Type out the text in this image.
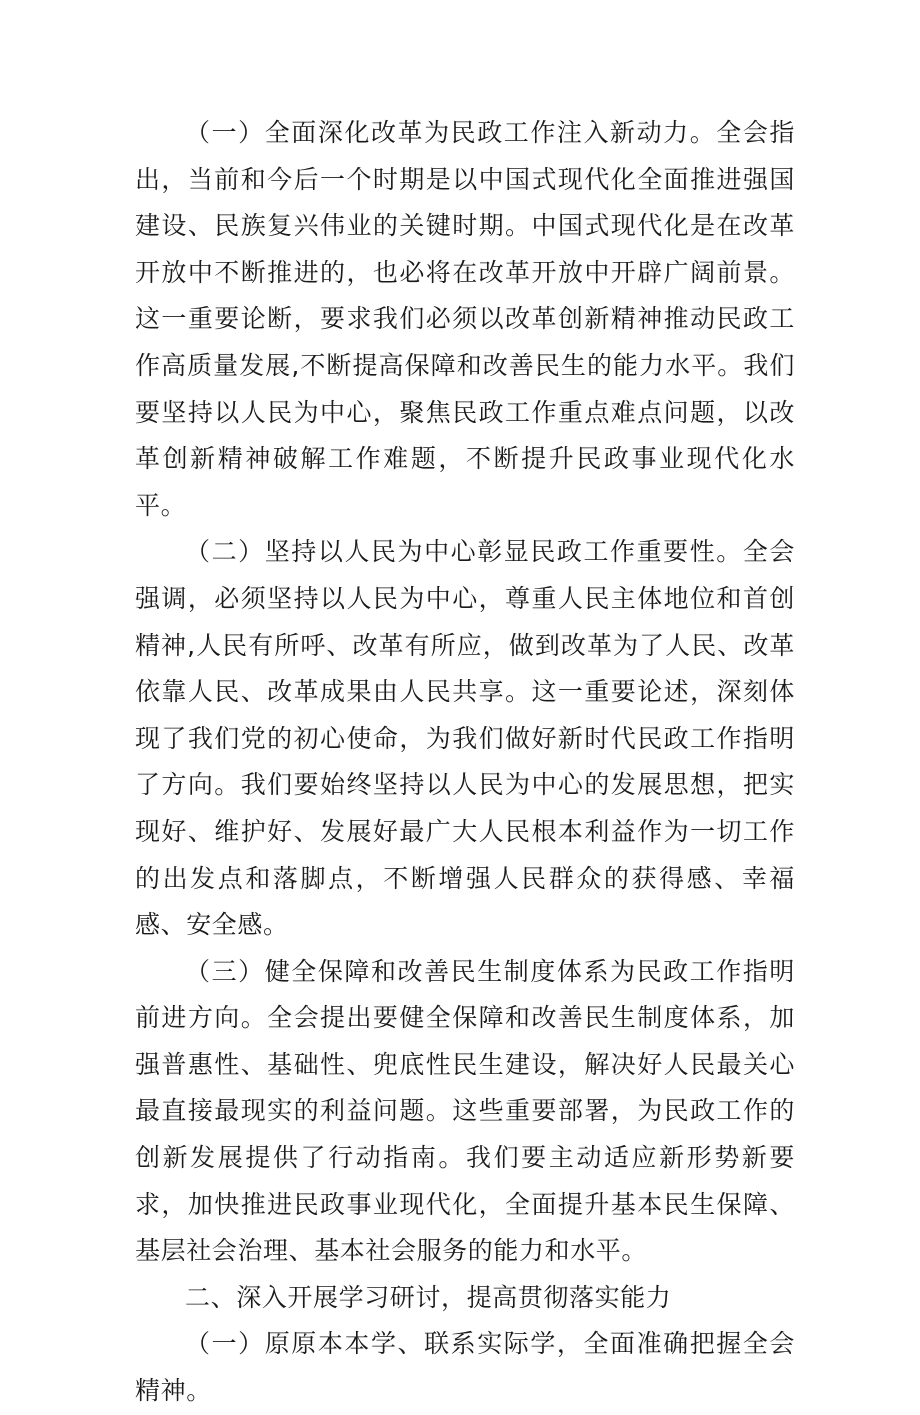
（一）全面深化改革为民政工作注入新动力。全会指出，当前和今后一个时期是以中国式现代化全面推进强国建设、民族复兴伟业的关键时期。中国式现代化是在改革开放中不断推进的，也必将在改革开放中开辟广阔前景。这一重要论断，要求我们必须以改革创新精神推动民政工作高质量发展,不断提高保障和改善民生的能力水平。我们要坚持以人民为中心，聚焦民政工作重点难点问题，以改革创新精神破解工作难题，不断提升民政事业现代化水平。

（二）坚持以人民为中心彰显民政工作重要性。全会强调，必须坚持以人民为中心，尊重人民主体地位和首创精神,人民有所呼、改革有所应，做到改革为了人民、改革依靠人民、改革成果由人民共享。这一重要论述，深刻体现了我们党的初心使命，为我们做好新时代民政工作指明了方向。我们要始终坚持以人民为中心的发展思想，把实现好、维护好、发展好最广大人民根本利益作为一切工作的出发点和落脚点，不断增强人民群众的获得感、幸福感、安全感。

（三）健全保障和改善民生制度体系为民政工作指明前进方向。全会提出要健全保障和改善民生制度体系，加强普惠性、基础性、兜底性民生建设，解决好人民最关心最直接最现实的利益问题。这些重要部署，为民政工作的创新发展提供了行动指南。我们要主动适应新形势新要求，加快推进民政事业现代化，全面提升基本民生保障、基层社会治理、基本社会服务的能力和水平。

二、深入开展学习研讨，提高贯彻落实能力

（一）原原本本学、联系实际学，全面准确把握全会精神。
